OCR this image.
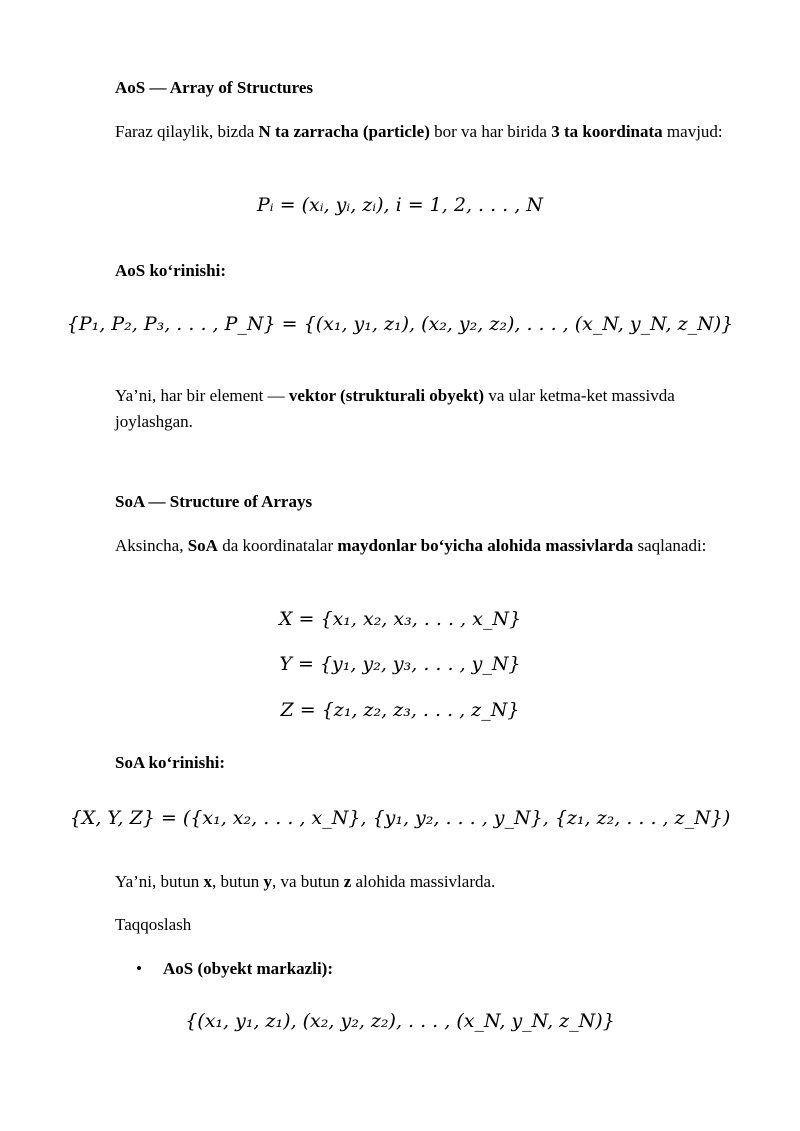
AoS — Array of Structures

Faraz qilaylik, bizda N ta zarracha (particle) bor va har birida 3 ta koordinata mavjud:

Pᵢ = (xᵢ, yᵢ, zᵢ), i = 1, 2, . . . , N

AoS koʻrinishi:

{P₁, P₂, P₃, . . . , P_N} = {(x₁, y₁, z₁), (x₂, y₂, z₂), . . . , (x_N, y_N, z_N)}

Ya’ni, har bir element — vektor (strukturali obyekt) va ular ketma-ket massivda joylashgan.

SoA — Structure of Arrays

Aksincha, SoA da koordinatalar maydonlar boʻyicha alohida massivlarda saqlanadi:

X = {x₁, x₂, x₃, . . . , x_N}
Y = {y₁, y₂, y₃, . . . , y_N}
Z = {z₁, z₂, z₃, . . . , z_N}

SoA koʻrinishi:

{X, Y, Z} = ({x₁, x₂, . . . , x_N}, {y₁, y₂, . . . , y_N}, {z₁, z₂, . . . , z_N})

Ya’ni, butun x, butun y, va butun z alohida massivlarda.

Taqqoslash

• AoS (obyekt markazli):

{(x₁, y₁, z₁), (x₂, y₂, z₂), . . . , (x_N, y_N, z_N)}
